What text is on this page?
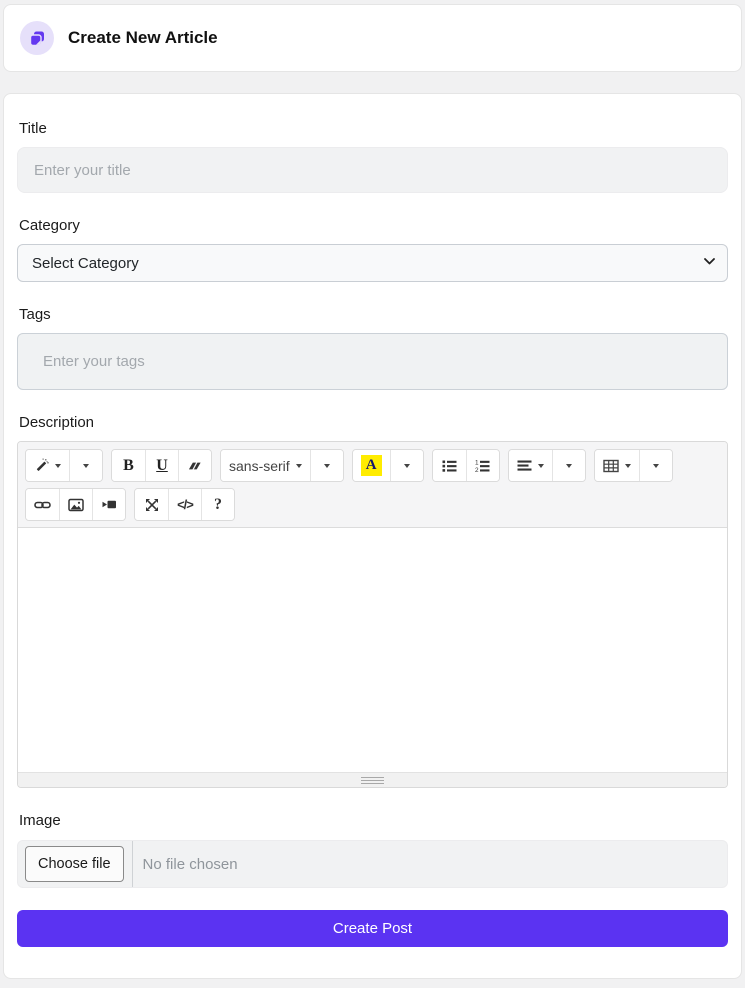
Create New Article
Title
Enter your title
Category
Select Category
Tags
Enter your tags
Description
B U	sans-serif	A	1
2
</> ?
Image
Choose file	No file chosen
Create Post
